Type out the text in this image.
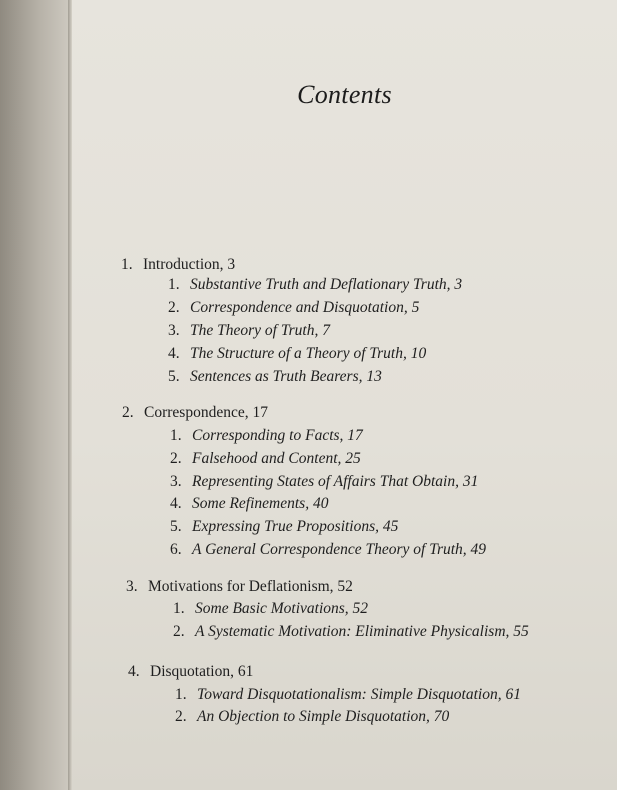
Contents
1. Introduction, 3
1. Substantive Truth and Deflationary Truth, 3
2. Correspondence and Disquotation, 5
3. The Theory of Truth, 7
4. The Structure of a Theory of Truth, 10
5. Sentences as Truth Bearers, 13
2. Correspondence, 17
1. Corresponding to Facts, 17
2. Falsehood and Content, 25
3. Representing States of Affairs That Obtain, 31
4. Some Refinements, 40
5. Expressing True Propositions, 45
6. A General Correspondence Theory of Truth, 49
3. Motivations for Deflationism, 52
1. Some Basic Motivations, 52
2. A Systematic Motivation: Eliminative Physicalism, 55
4. Disquotation, 61
1. Toward Disquotationalism: Simple Disquotation, 61
2. An Objection to Simple Disquotation, 70
